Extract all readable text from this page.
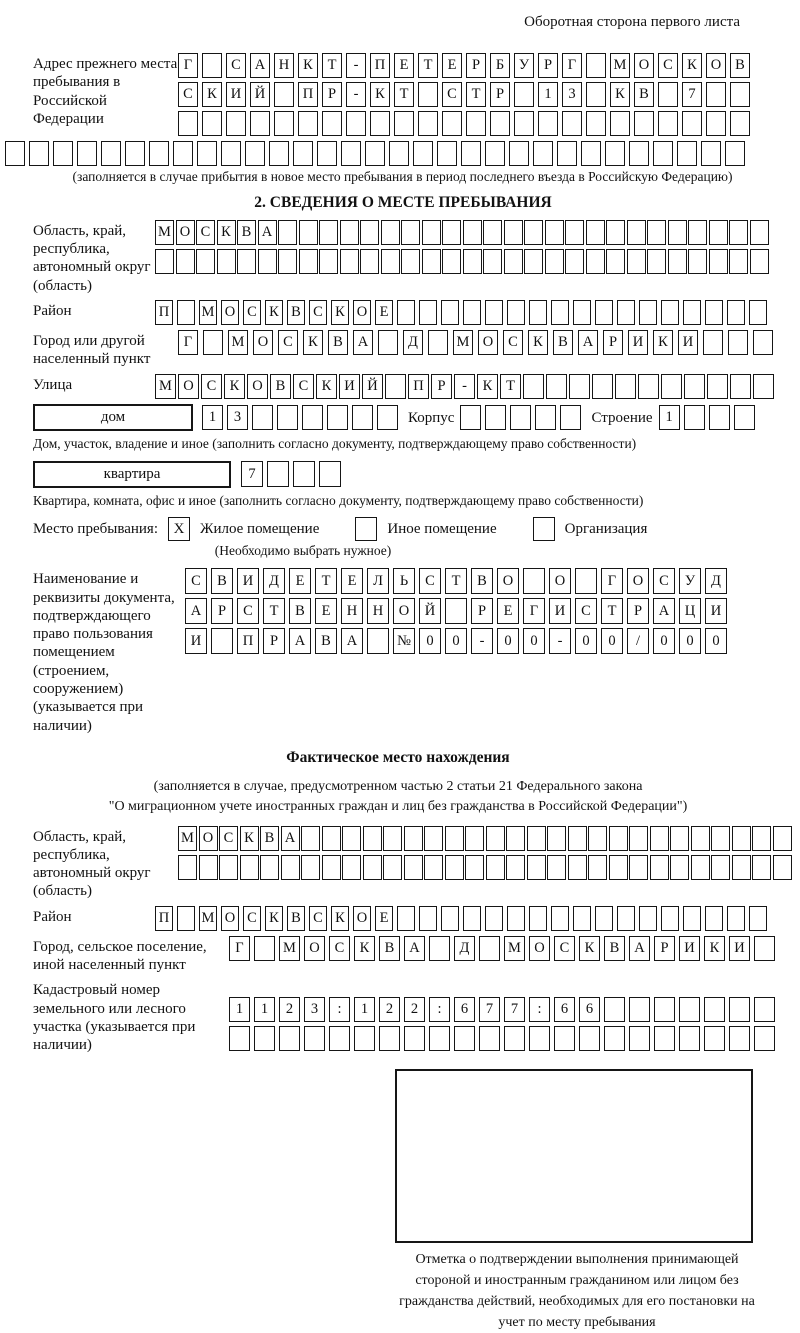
Оборотная сторона первого листа
Адрес прежнего места пребывания в Российской Федерации
Г	С А Н К	Т	-	П Е	Т	Е	Р	Б	У	Р	Г	М О С К О В
С К И Й	П	Р	-	К	Т	С	Т	Р	1	3	К В	7
(заполняется в случае прибытия в новое место пребывания в период последнего въезда в Российскую Федерацию)
2. СВЕДЕНИЯ О МЕСТЕ ПРЕБЫВАНИЯ
Область, край, республика, автономный округ (область)
М О С К В А
Район	П М О С К В С К О Е
Город или другой населенный пункт
Г	М О	С	К	В	А	Д	М О	С	К	В	А	Р	И	К	И
Улица	М О С К О В С К И Й	П Р	-	К Т
дом	1	3	Корпус	Строение 1
Дом, участок, владение и иное (заполнить согласно документу, подтверждающему право собственности)
квартира	7
Квартира, комната, офис и иное (заполнить согласно документу, подтверждающему право собственности)
Место пребывания:	X	Жилое помещение	Иное помещение	Организация
(Необходимо выбрать нужное)
Наименование и реквизиты документа, подтверждающего право пользования помещением (строением, сооружением) (указывается при наличии)
С	В	И	Д	Е	Т	Е	Л	Ь	С	Т	В	О	О	Г	О	С	У	Д
А	Р	С	Т	В	Е	Н	Н	О	Й	Р	Е	Г	И	С	Т	Р	А	Ц	И
И	П	Р	А	В	А	№	0	0	-	0	0	-	0	0	/	0	0	0
Фактическое место нахождения
(заполняется в случае, предусмотренном частью 2 статьи 21 Федерального закона
"О миграционном учете иностранных граждан и лиц без гражданства в Российской Федерации")
Область, край, республика, автономный округ (область)
М О С К В А
Район	П М О С К В С К О Е
Город, сельское поселение, иной населенный пункт
Г	М О	С	К	В	А	Д	М О	С	К	В	А	Р	И	К	И
Кадастровый номер земельного или лесного участка (указывается при наличии)
1	1	2	3	:	1	2	2	:	6	7	7	:	6	6
Отметка о подтверждении выполнения принимающей стороной и иностранным гражданином или лицом без гражданства действий, необходимых для его постановки на учет по месту пребывания
